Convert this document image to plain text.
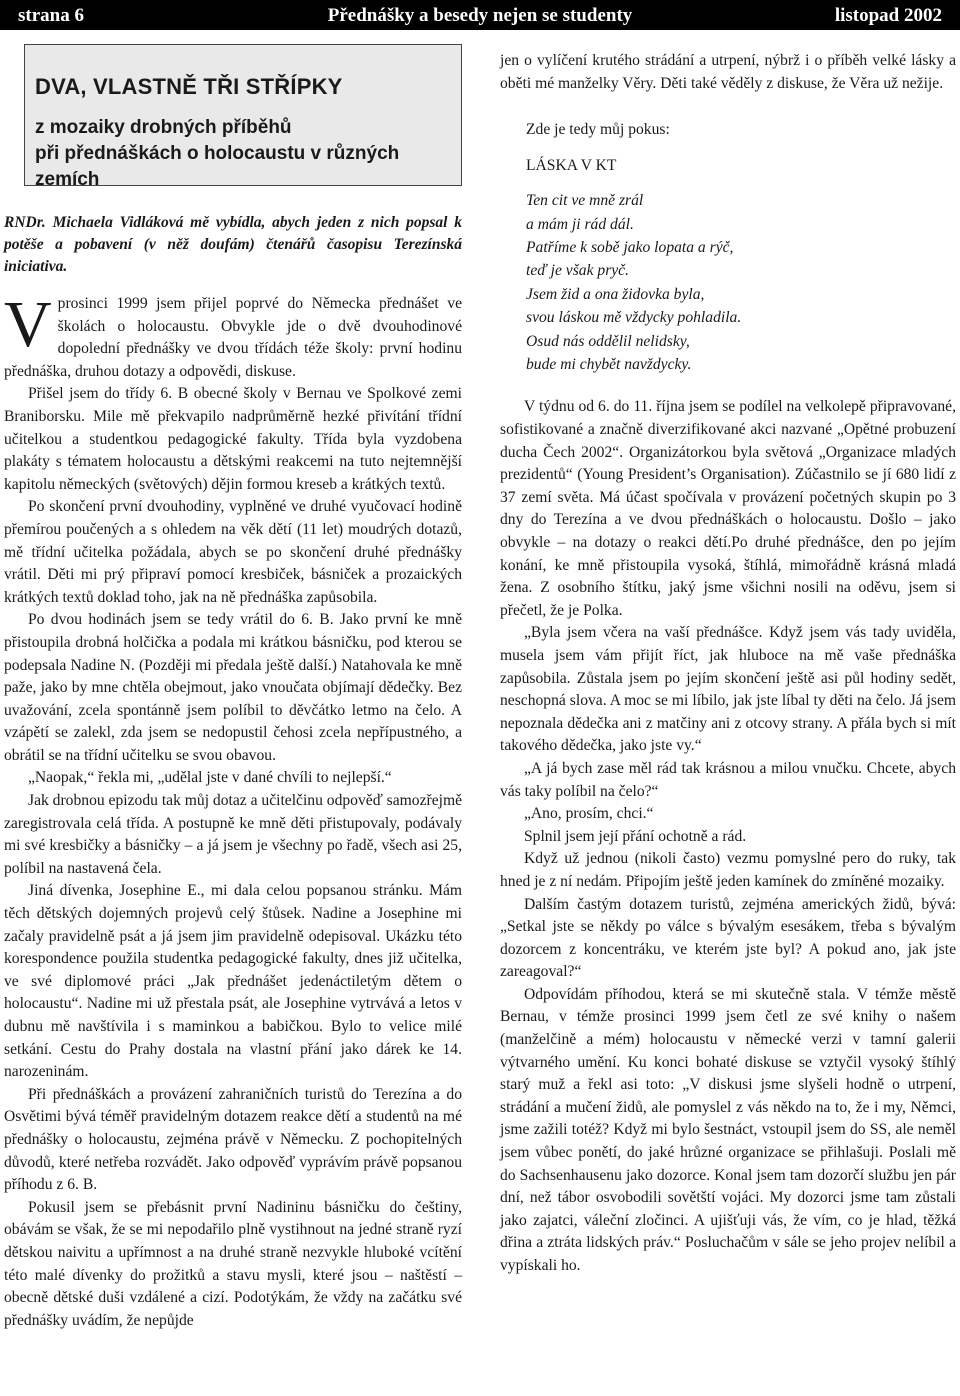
strana 6	Přednášky a besedy nejen se studenty	listopad 2002
DVA, VLASTNĚ TŘI STŘÍPKY
z mozaiky drobných příběhů
při přednáškách o holocaustu v různých zemích
RNDr. Michaela Vidláková mě vybídla, abych jeden z nich popsal k potěše a pobavení (v něž doufám) čtenářů časopisu Terezínská iniciativa.

Vprosinci 1999 jsem přijel poprvé do Německa přednášet ve školách o holocaustu. Obvykle jde o dvě dvouhodinové dopolední přednášky ve dvou třídách téže školy: první hodinu přednáška, druhou dotazy a odpovědi, diskuse.

Přišel jsem do třídy 6. B obecné školy v Bernau ve Spolkové zemi Braniborsku. Mile mě překvapilo nadprůměrně hezké přivítání třídní učitelkou a studentkou pedagogické fakulty. Třída byla vyzdobena plakáty s tématem holocaustu a dětskými reakcemi na tuto nejtemnější kapitolu německých (světových) dějin formou kreseb a krátkých textů.

Po skončení první dvouhodiny, vyplněné ve druhé vyučovací hodině přemírou poučených a s ohledem na věk dětí (11 let) moudrých dotazů, mě třídní učitelka požádala, abych se po skončení druhé přednášky vrátil. Děti mi prý připraví pomocí kresbiček, básniček a prozaických krátkých textů doklad toho, jak na ně přednáška zapůsobila.

Po dvou hodinách jsem se tedy vrátil do 6. B. Jako první ke mně přistoupila drobná holčička a podala mi krátkou básničku, pod kterou se podepsala Nadine N. (Později mi předala ještě další.) Natahovala ke mně paže, jako by mne chtěla obejmout, jako vnoučata objímají dědečky. Bez uvažování, zcela spontánně jsem políbil to děvčátko letmo na čelo. A vzápětí se zalekl, zda jsem se nedopustil čehosi zcela nepřípustného, a obrátil se na třídní učitelku se svou obavou.

„Naopak,“ řekla mi, „udělal jste v dané chvíli to nejlepší.“

Jak drobnou epizodu tak můj dotaz a učitelčinu odpověď samozřejmě zaregistrovala celá třída. A postupně ke mně děti přistupovaly, podávaly mi své kresbičky a básničky – a já jsem je všechny po řadě, všech asi 25, políbil na nastavená čela.

Jiná dívenka, Josephine E., mi dala celou popsanou stránku. Mám těch dětských dojemných projevů celý štůsek. Nadine a Josephine mi začaly pravidelně psát a já jsem jim pravidelně odepisoval. Ukázku této korespondence použila studentka pedagogické fakulty, dnes již učitelka, ve své diplomové práci „Jak přednášet jedenáctiletým dětem o holocaustu“. Nadine mi už přestala psát, ale Josephine vytrvává a letos v dubnu mě navštívila i s maminkou a babičkou. Bylo to velice milé setkání. Cestu do Prahy dostala na vlastní přání jako dárek ke 14. narozeninám.

Při přednáškách a provázení zahraničních turistů do Terezína a do Osvětimi bývá téměř pravidelným dotazem reakce dětí a studentů na mé přednášky o holocaustu, zejména právě v Německu. Z pochopitelných důvodů, které netřeba rozvádět. Jako odpověď vyprávím právě popsanou příhodu z 6. B.

Pokusil jsem se přebásnit první Nadininu básničku do češtiny, obávám se však, že se mi nepodařilo plně vystihnout na jedné straně ryzí dětskou naivitu a upřímnost a na druhé straně nezvykle hluboké vcítění této malé dívenky do prožitků a stavu mysli, které jsou – naštěstí – obecně dětské duši vzdálené a cizí. Podotýkám, že vždy na začátku své přednášky uvádím, že nepůjde

jen o vylíčení krutého strádání a utrpení, nýbrž i o příběh velké lásky a oběti mé manželky Věry. Děti také věděly z diskuse, že Věra už nežije.

Zde je tedy můj pokus:
LÁSKA V KT
Ten cit ve mně zrál
a mám ji rád dál.
Patříme k sobě jako lopata a rýč,
teď je však pryč.
Jsem žid a ona židovka byla,
svou láskou mě vždycky pohladila.
Osud nás oddělil nelidsky,
bude mi chybět navždycky.

V týdnu od 6. do 11. října jsem se podílel na velkolepě připravované, sofistikované a značně diverzifikované akci nazvané „Opětné probuzení ducha Čech 2002“. Organizátorkou byla světová „Organizace mladých prezidentů“ (Young President’s Organisation). Zúčastnilo se jí 680 lidí z 37 zemí světa. Má účast spočívala v provázení početných skupin po 3 dny do Terezína a ve dvou přednáškách o holocaustu. Došlo – jako obvykle – na dotazy o reakci dětí.Po druhé přednášce, den po jejím konání, ke mně přistoupila vysoká, štíhlá, mimořádně krásná mladá žena. Z osobního štítku, jaký jsme všichni nosili na oděvu, jsem si přečetl, že je Polka.

„Byla jsem včera na vaší přednášce. Když jsem vás tady uviděla, musela jsem vám přijít říct, jak hluboce na mě vaše přednáška zapůsobila. Zůstala jsem po jejím skončení ještě asi půl hodiny sedět, neschopná slova. A moc se mi líbilo, jak jste líbal ty děti na čelo. Já jsem nepoznala dědečka ani z matčiny ani z otcovy strany. A přála bych si mít takového dědečka, jako jste vy.“

„A já bych zase měl rád tak krásnou a milou vnučku. Chcete, abych vás taky políbil na čelo?“

„Ano, prosím, chci.“

Splnil jsem její přání ochotně a rád.

Když už jednou (nikoli často) vezmu pomyslné pero do ruky, tak hned je z ní nedám. Připojím ještě jeden kamínek do zmíněné mozaiky.

Dalším častým dotazem turistů, zejména amerických židů, bývá: „Setkal jste se někdy po válce s bývalým esesákem, třeba s bývalým dozorcem z koncentráku, ve kterém jste byl? A pokud ano, jak jste zareagoval?“

Odpovídám příhodou, která se mi skutečně stala. V témže městě Bernau, v témže prosinci 1999 jsem četl ze své knihy o našem (manželčině a mém) holocaustu v německé verzi v tamní galerii výtvarného umění. Ku konci bohaté diskuse se vztyčil vysoký štíhlý starý muž a řekl asi toto: „V diskusi jsme slyšeli hodně o utrpení, strádání a mučení židů, ale pomyslel z vás někdo na to, že i my, Němci, jsme zažili totéž? Když mi bylo šestnáct, vstoupil jsem do SS, ale neměl jsem vůbec ponětí, do jaké hrůzné organizace se přihlašuji. Poslali mě do Sachsenhausenu jako dozorce. Konal jsem tam dozorčí službu jen pár dní, než tábor osvobodili sovětští vojáci. My dozorci jsme tam zůstali jako zajatci, váleční zločinci. A ujišťuji vás, že vím, co je hlad, těžká dřina a ztráta lidských práv.“ Posluchačům v sále se jeho projev nelíbil a vypískali ho.
